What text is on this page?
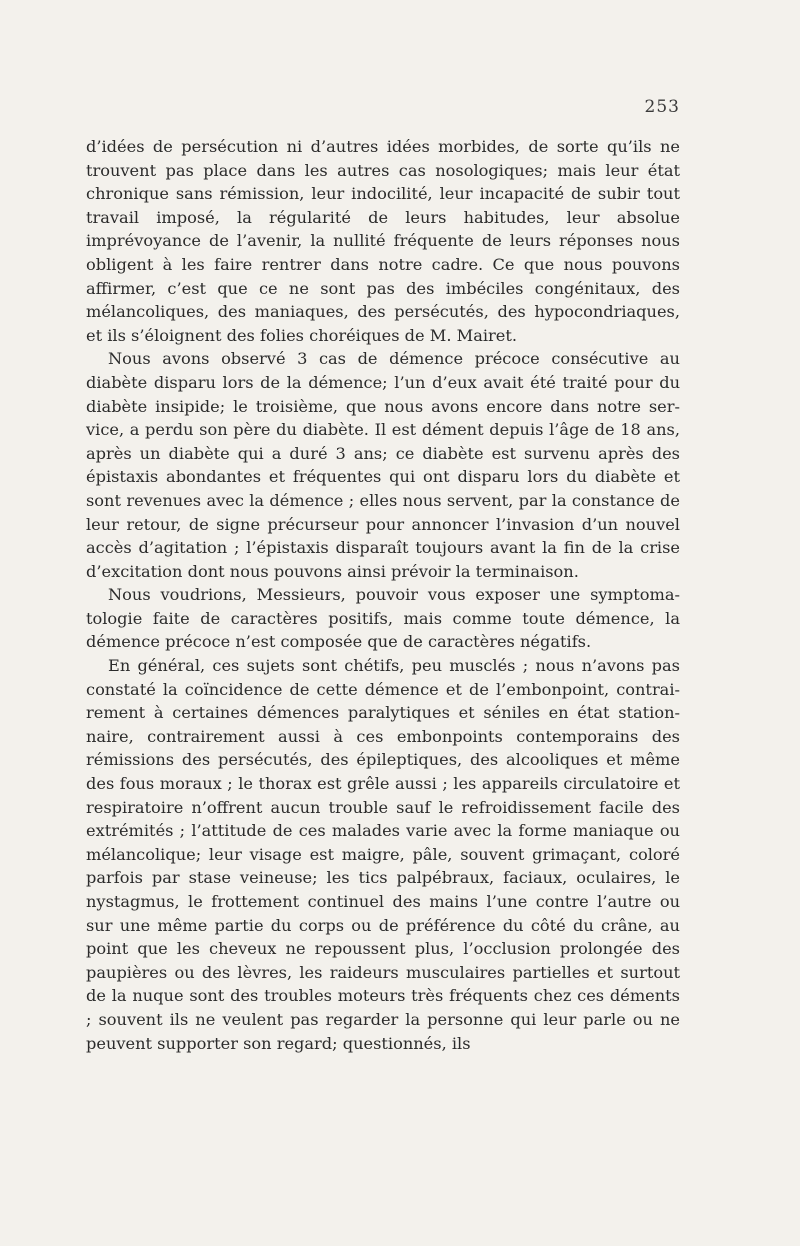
253

d’idées de persécution ni d’autres idées morbides, de sorte qu’ils ne trouvent pas place dans les autres cas nosologiques; mais leur état chronique sans rémission, leur indocilité, leur incapacité de subir tout travail imposé, la régularité de leurs habitudes, leur absolue imprévoyance de l’avenir, la nullité fréquente de leurs réponses nous obligent à les faire rentrer dans notre cadre. Ce que nous pouvons affirmer, c’est que ce ne sont pas des imbéciles congénitaux, des mélancoliques, des maniaques, des persécutés, des hypocondriaques, et ils s’éloignent des folies choréiques de M. Mairet.

Nous avons observé 3 cas de démence précoce consécutive au diabète disparu lors de la démence; l’un d’eux avait été traité pour du diabète insipide; le troisième, que nous avons encore dans notre service, a perdu son père du diabète. Il est dément depuis l’âge de 18 ans, après un diabète qui a duré 3 ans; ce diabète est survenu après des épistaxis abondantes et fréquentes qui ont disparu lors du diabète et sont revenues avec la démence ; elles nous servent, par la constance de leur retour, de signe précurseur pour annoncer l’invasion d’un nouvel accès d’agitation ; l’épistaxis disparaît toujours avant la fin de la crise d’excitation dont nous pouvons ainsi prévoir la terminaison.

Nous voudrions, Messieurs, pouvoir vous exposer une symptomatologie faite de caractères positifs, mais comme toute démence, la démence précoce n’est composée que de caractères négatifs.

En général, ces sujets sont chétifs, peu musclés ; nous n’avons pas constaté la coïncidence de cette démence et de l’embonpoint, contrairement à certaines démences paralytiques et séniles en état stationnaire, contrairement aussi à ces embonpoints contemporains des rémissions des persécutés, des épileptiques, des alcooliques et même des fous moraux ; le thorax est grêle aussi ; les appareils circulatoire et respiratoire n’offrent aucun trouble sauf le refroidissement facile des extrémités ; l’attitude de ces malades varie avec la forme maniaque ou mélancolique; leur visage est maigre, pâle, souvent grimaçant, coloré parfois par stase veineuse; les tics palpébraux, faciaux, oculaires, le nystagmus, le frottement continuel des mains l’une contre l’autre ou sur une même partie du corps ou de préférence du côté du crâne, au point que les cheveux ne repoussent plus, l’occlusion prolongée des paupières ou des lèvres, les raideurs musculaires partielles et surtout de la nuque sont des troubles moteurs très fréquents chez ces déments ; souvent ils ne veulent pas regarder la personne qui leur parle ou ne peuvent supporter son regard; questionnés, ils
